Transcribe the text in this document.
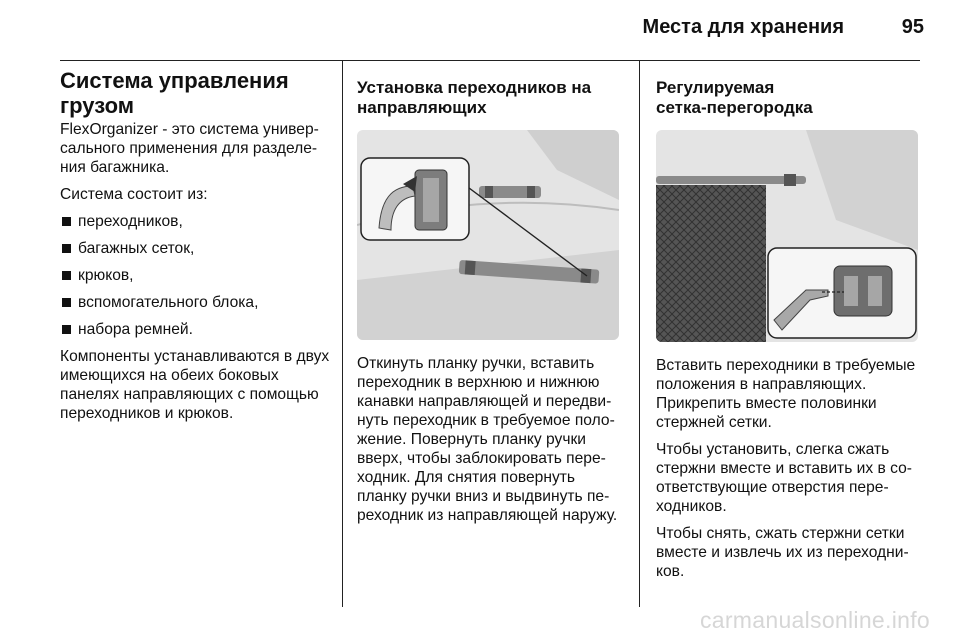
Места для хранения	95
Система управления грузом

FlexOrganizer - это система универсального применения для разделения багажника.

Система состоит из:

переходников,
багажных сеток,
крюков,
вспомогательного блока,
набора ремней.

Компоненты устанавливаются в двух имеющихся на обеих боковых панелях направляющих с помощью переходников и крюков.

Установка переходников на направляющих

Откинуть планку ручки, вставить переходник в верхнюю и нижнюю канавки направляющей и передвинуть переходник в требуемое положение. Повернуть планку ручки вверх, чтобы заблокировать переходник. Для снятия повернуть планку ручки вниз и выдвинуть переходник из направляющей наружу.

Регулируемая
сетка-перегородка

Вставить переходники в требуемые положения в направляющих. Прикрепить вместе половинки стержней сетки.

Чтобы установить, слегка сжать стержни вместе и вставить их в соответствующие отверстия переходников.

Чтобы снять, сжать стержни сетки вместе и извлечь их из переходников.

carmanualsonline.info
